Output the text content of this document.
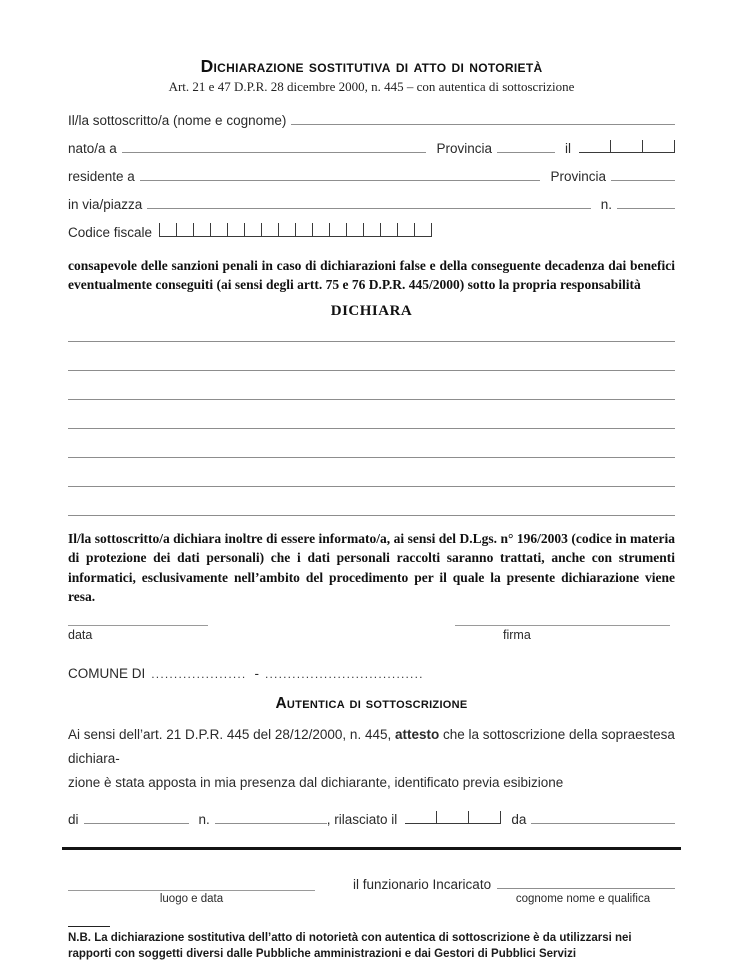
Dichiarazione sostitutiva di atto di notorietà
Art. 21 e 47 D.P.R. 28 dicembre 2000, n. 445 – con autentica di sottoscrizione
Il/la sottoscritto/a (nome e cognome)
nato/a a	Provincia	il
residente a	Provincia
in via/piazza	n.
Codice fiscale

consapevole delle sanzioni penali in caso di dichiarazioni false e della conseguente decadenza dai benefici eventualmente conseguiti (ai sensi degli artt. 75 e 76 D.P.R. 445/2000) sotto la propria responsabilità

DICHIARA

Il/la sottoscritto/a dichiara inoltre di essere informato/a, ai sensi del D.Lgs. n° 196/2003 (codice in materia di protezione dei dati personali) che i dati personali raccolti saranno trattati, anche con strumenti informatici, esclusivamente nell’ambito del procedimento per il quale la presente dichiarazione viene resa.

data	firma
COMUNE DI ..................... - ...................................
Autentica di sottoscrizione

Ai sensi dell’art. 21 D.P.R. 445 del 28/12/2000, n. 445, attesto che la sottoscrizione della sopraestesa dichiara-
zione è stata apposta in mia presenza dal dichiarante, identificato previa esibizione

di	n.	, rilasciato il	da
luogo e data
il funzionario Incaricato
cognome nome e qualifica

N.B. La dichiarazione sostitutiva dell’atto di notorietà con autentica di sottoscrizione è da utilizzarsi nei rapporti con soggetti diversi dalle Pubbliche amministrazioni e dai Gestori di Pubblici Servizi
